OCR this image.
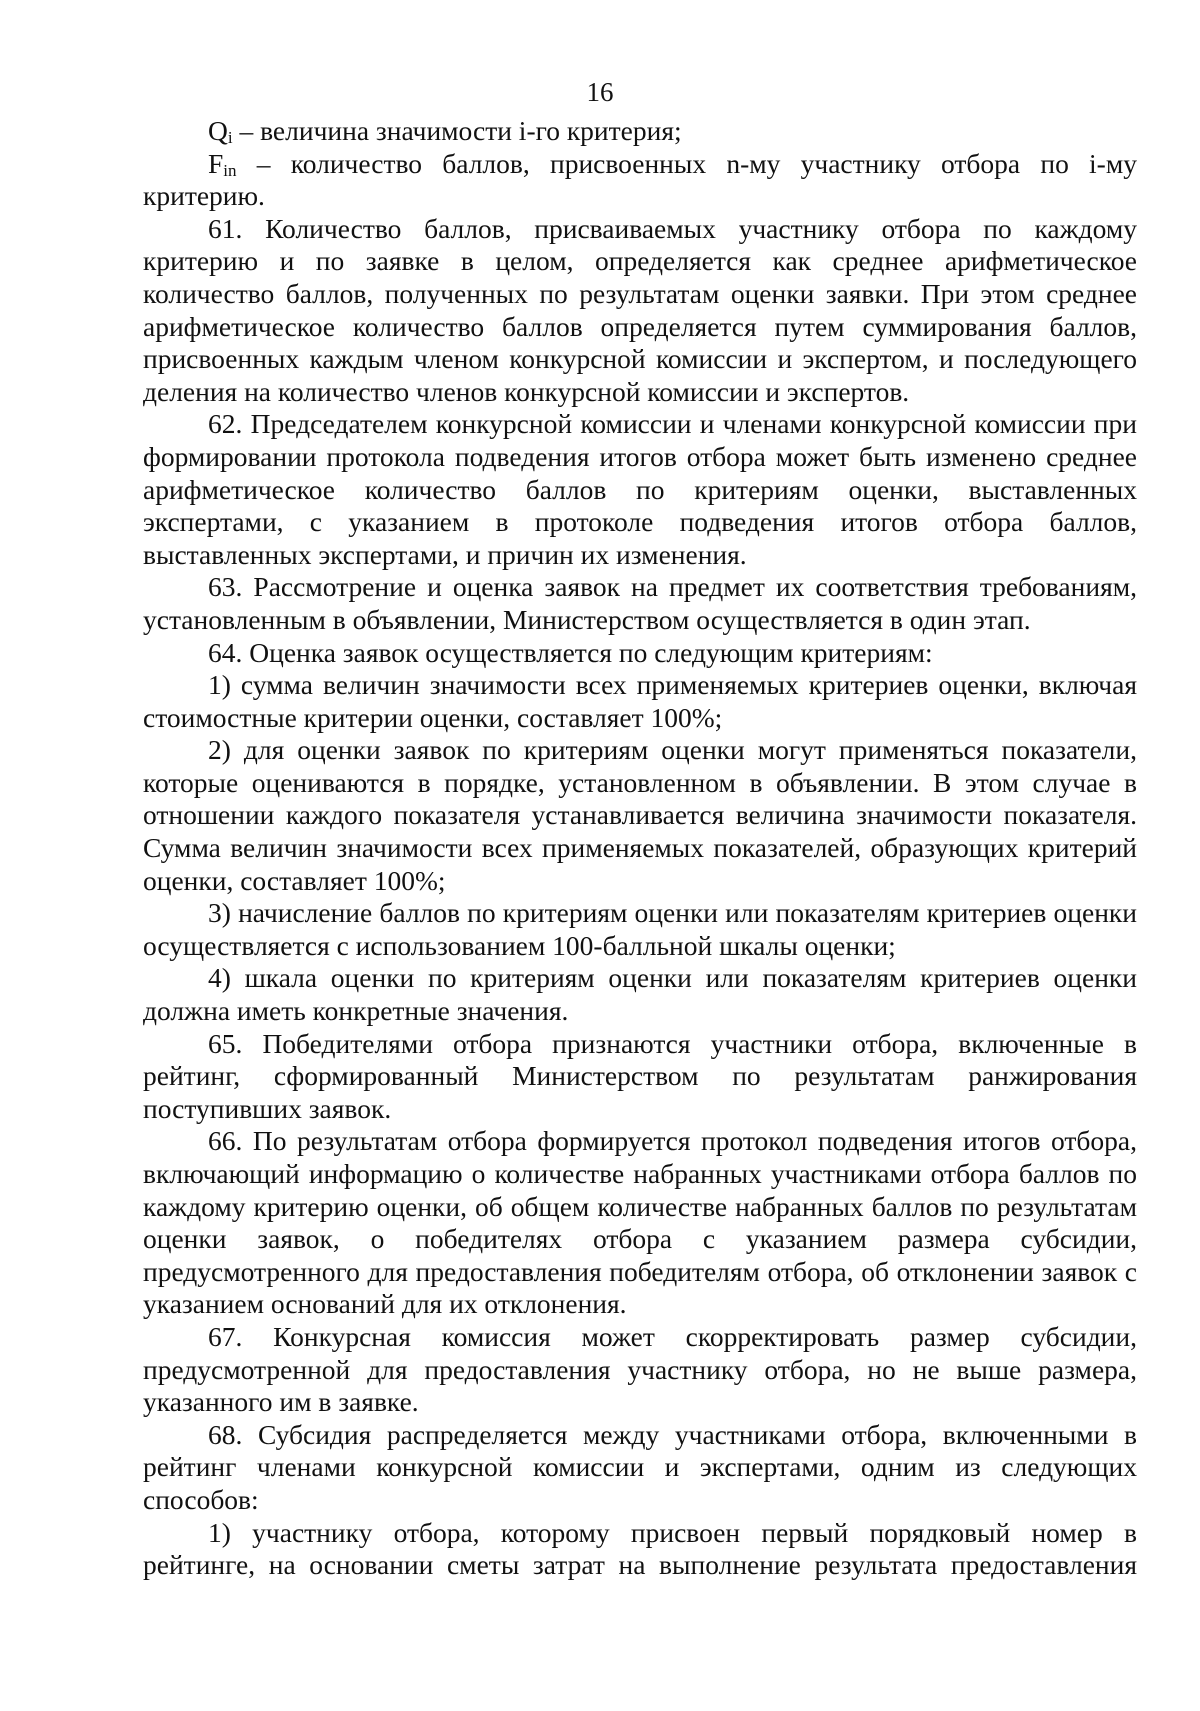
16

$Q_i$ – величина значимости i-го критерия;

$F_{in}$ – количество баллов, присвоенных n-му участнику отбора по i-му критерию.

61. Количество баллов, присваиваемых участнику отбора по каждому критерию и по заявке в целом, определяется как среднее арифметическое количество баллов, полученных по результатам оценки заявки. При этом среднее арифметическое количество баллов определяется путем суммирования баллов, присвоенных каждым членом конкурсной комиссии и экспертом, и последующего деления на количество членов конкурсной комиссии и экспертов.

62. Председателем конкурсной комиссии и членами конкурсной комиссии при формировании протокола подведения итогов отбора может быть изменено среднее арифметическое количество баллов по критериям оценки, выставленных экспертами, с указанием в протоколе подведения итогов отбора баллов, выставленных экспертами, и причин их изменения.

63. Рассмотрение и оценка заявок на предмет их соответствия требованиям, установленным в объявлении, Министерством осуществляется в один этап.

64. Оценка заявок осуществляется по следующим критериям:

1) сумма величин значимости всех применяемых критериев оценки, включая стоимостные критерии оценки, составляет 100%;

2) для оценки заявок по критериям оценки могут применяться показатели, которые оцениваются в порядке, установленном в объявлении. В этом случае в отношении каждого показателя устанавливается величина значимости показателя. Сумма величин значимости всех применяемых показателей, образующих критерий оценки, составляет 100%;

3) начисление баллов по критериям оценки или показателям критериев оценки осуществляется с использованием 100-балльной шкалы оценки;

4) шкала оценки по критериям оценки или показателям критериев оценки должна иметь конкретные значения.

65. Победителями отбора признаются участники отбора, включенные в рейтинг, сформированный Министерством по результатам ранжирования поступивших заявок.

66. По результатам отбора формируется протокол подведения итогов отбора, включающий информацию о количестве набранных участниками отбора баллов по каждому критерию оценки, об общем количестве набранных баллов по результатам оценки заявок, о победителях отбора с указанием размера субсидии, предусмотренного для предоставления победителям отбора, об отклонении заявок с указанием оснований для их отклонения.

67. Конкурсная комиссия может скорректировать размер субсидии, предусмотренной для предоставления участнику отбора, но не выше размера, указанного им в заявке.

68. Субсидия распределяется между участниками отбора, включенными в рейтинг членами конкурсной комиссии и экспертами, одним из следующих способов:

1) участнику отбора, которому присвоен первый порядковый номер в рейтинге, на основании сметы затрат на выполнение результата предоставления
